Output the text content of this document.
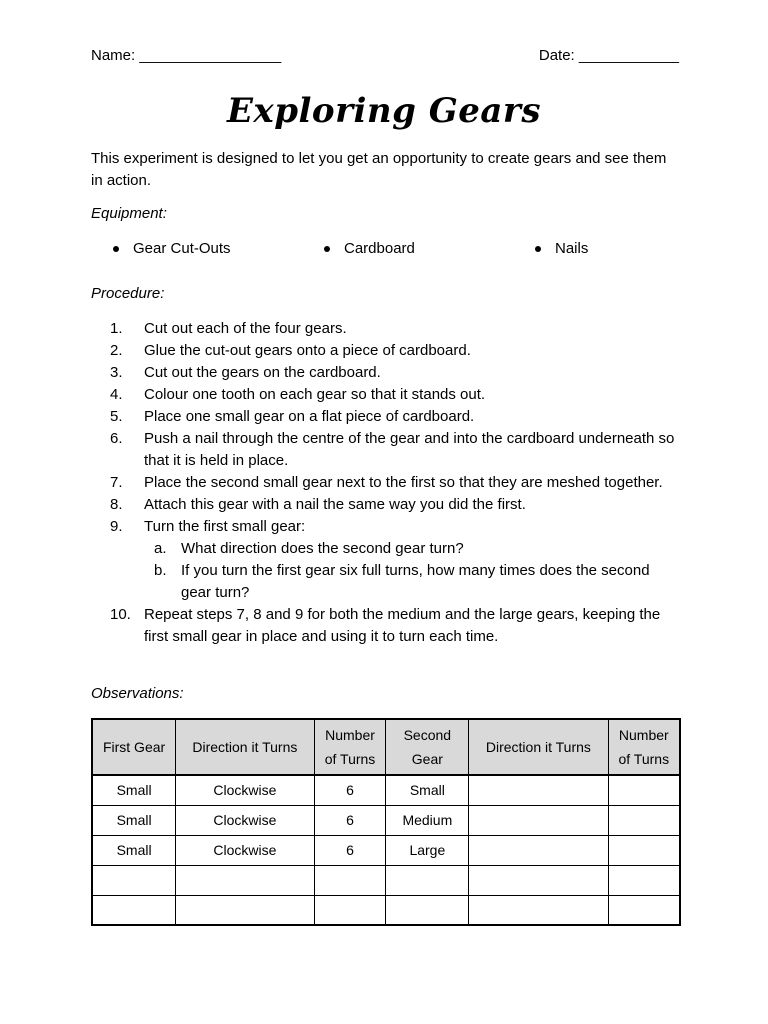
Name: _________________	Date: ____________
Exploring Gears
This experiment is designed to let you get an opportunity to create gears and see them in action.
Equipment:
Gear Cut-Outs	Cardboard	Nails
Procedure:
1.	Cut out each of the four gears.
2.	Glue the cut-out gears onto a piece of cardboard.
3.	Cut out the gears on the cardboard.
4.	Colour one tooth on each gear so that it stands out.
5.	Place one small gear on a flat piece of cardboard.
6.	Push a nail through the centre of the gear and into the cardboard underneath so that it is held in place.
7.	Place the second small gear next to the first so that they are meshed together.
8.	Attach this gear with a nail the same way you did the first.
9.	Turn the first small gear:
a. What direction does the second gear turn?
b. If you turn the first gear six full turns, how many times does the second gear turn?
10. Repeat steps 7, 8 and 9 for both the medium and the large gears, keeping the first small gear in place and using it to turn each time.
Observations:
First Gear	Direction it Turns	Number of Turns	Second Gear	Direction it Turns	Number of Turns
Small	Clockwise	6	Small		
Small	Clockwise	6	Medium		
Small	Clockwise	6	Large		
